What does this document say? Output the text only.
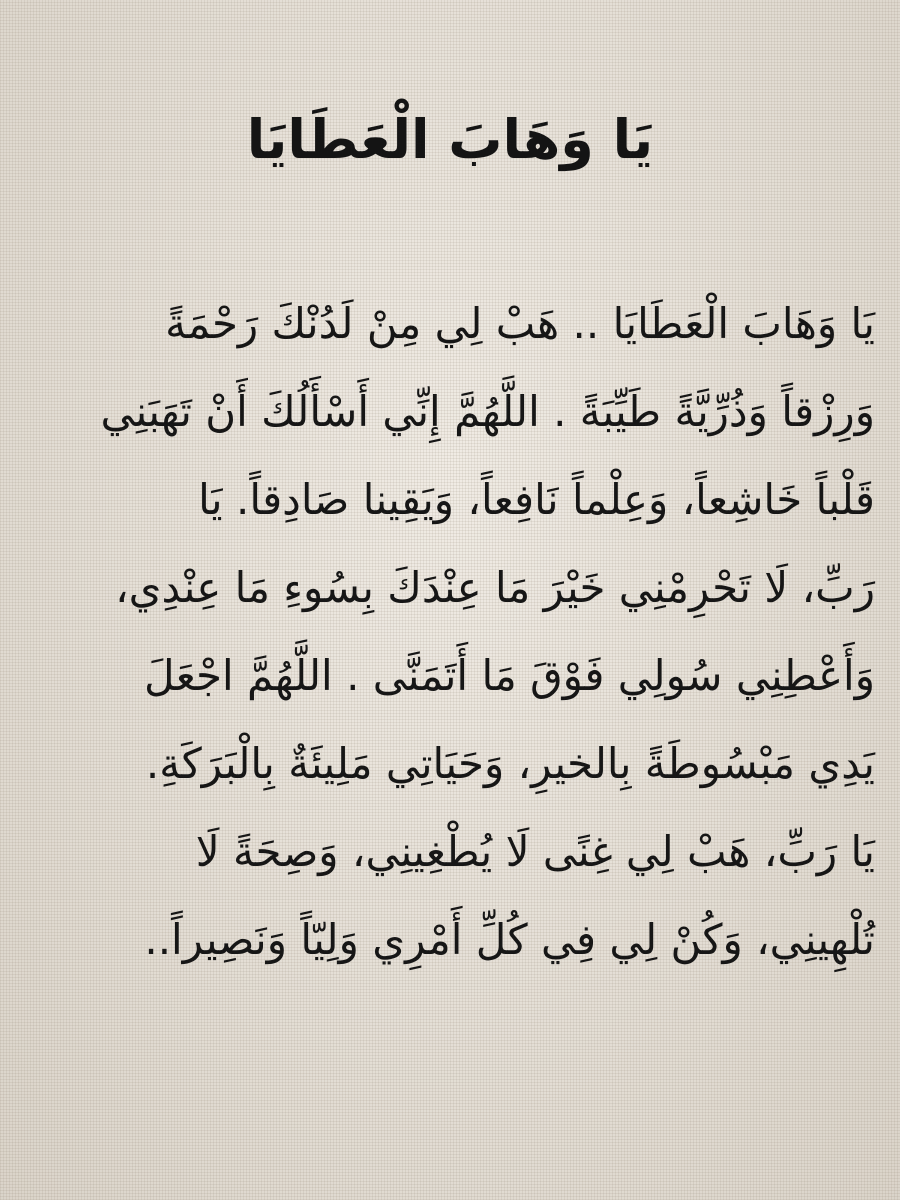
يَا وَهَابَ الْعَطَايَا
يَا وَهَابَ الْعَطَايَا .. هَبْ لِي مِنْ لَدُنْكَ رَحْمَةً
وَرِزْقاً وَذُرِّيَّةً طَيِّبَةً . اللَّهُمَّ إِنِّي أَسْأَلُكَ أَنْ تَهَبَنِي
قَلْباً خَاشِعاً، وَعِلْماً نَافِعاً، وَيَقِينا صَادِقاً. يَا
رَبِّ، لَا تَحْرِمْنِي خَيْرَ مَا عِنْدَكَ بِسُوءِ مَا عِنْدِي،
وَأَعْطِنِي سُولِي فَوْقَ مَا أَتَمَنَّى . اللَّهُمَّ اجْعَلَ
يَدِي مَبْسُوطَةً بِالخيرِ، وَحَيَاتِي مَلِيئَةٌ بِالْبَرَكَةِ.
يَا رَبِّ، هَبْ لِي غِنًى لَا يُطْغِينِي، وَصِحَةً لَا
تُلْهِينِي، وَكُنْ لِي فِي كُلِّ أَمْرِي وَلِيّاً وَنَصِيراً..
